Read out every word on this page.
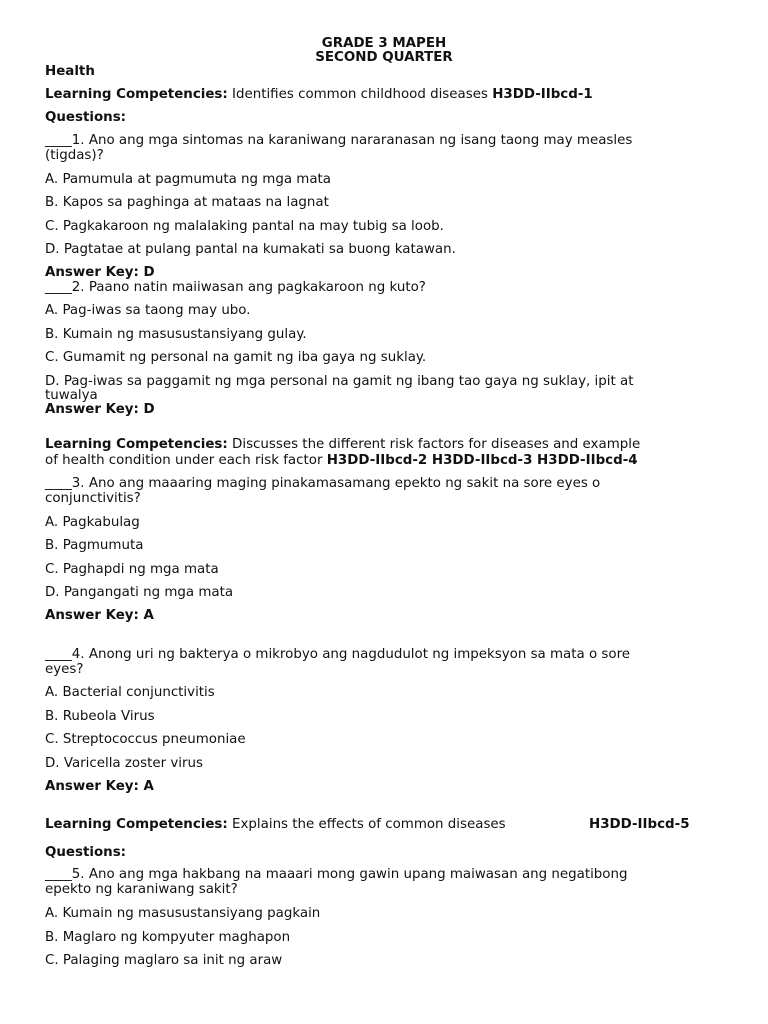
GRADE 3 MAPEH
SECOND QUARTER
Health
Learning Competencies: Identifies common childhood diseases H3DD-IIbcd-1
Questions:
____1. Ano ang mga sintomas na karaniwang nararanasan ng isang taong may measles
(tigdas)?
A. Pamumula at pagmumuta ng mga mata
B. Kapos sa paghinga at mataas na lagnat
C. Pagkakaroon ng malalaking pantal na may tubig sa loob.
D. Pagtatae at pulang pantal na kumakati sa buong katawan.
Answer Key: D
____2. Paano natin maiiwasan ang pagkakaroon ng kuto?
A. Pag-iwas sa taong may ubo.
B. Kumain ng masusustansiyang gulay.
C. Gumamit ng personal na gamit ng iba gaya ng suklay.
D. Pag-iwas sa paggamit ng mga personal na gamit ng ibang tao gaya ng suklay, ipit at
tuwalya
Answer Key: D
Learning Competencies: Discusses the different risk factors for diseases and example
of health condition under each risk factor H3DD-IIbcd-2 H3DD-IIbcd-3 H3DD-IIbcd-4
____3. Ano ang maaaring maging pinakamasamang epekto ng sakit na sore eyes o
conjunctivitis?
A. Pagkabulag
B. Pagmumuta
C. Paghapdi ng mga mata
D. Pangangati ng mga mata
Answer Key: A
____4. Anong uri ng bakterya o mikrobyo ang nagdudulot ng impeksyon sa mata o sore
eyes?
A. Bacterial conjunctivitis
B. Rubeola Virus
C. Streptococcus pneumoniae
D. Varicella zoster virus
Answer Key: A
Learning Competencies: Explains the effects of common diseases	H3DD-IIbcd-5
Questions:
____5. Ano ang mga hakbang na maaari mong gawin upang maiwasan ang negatibong
epekto ng karaniwang sakit?
A. Kumain ng masusustansiyang pagkain
B. Maglaro ng kompyuter maghapon
C. Palaging maglaro sa init ng araw
